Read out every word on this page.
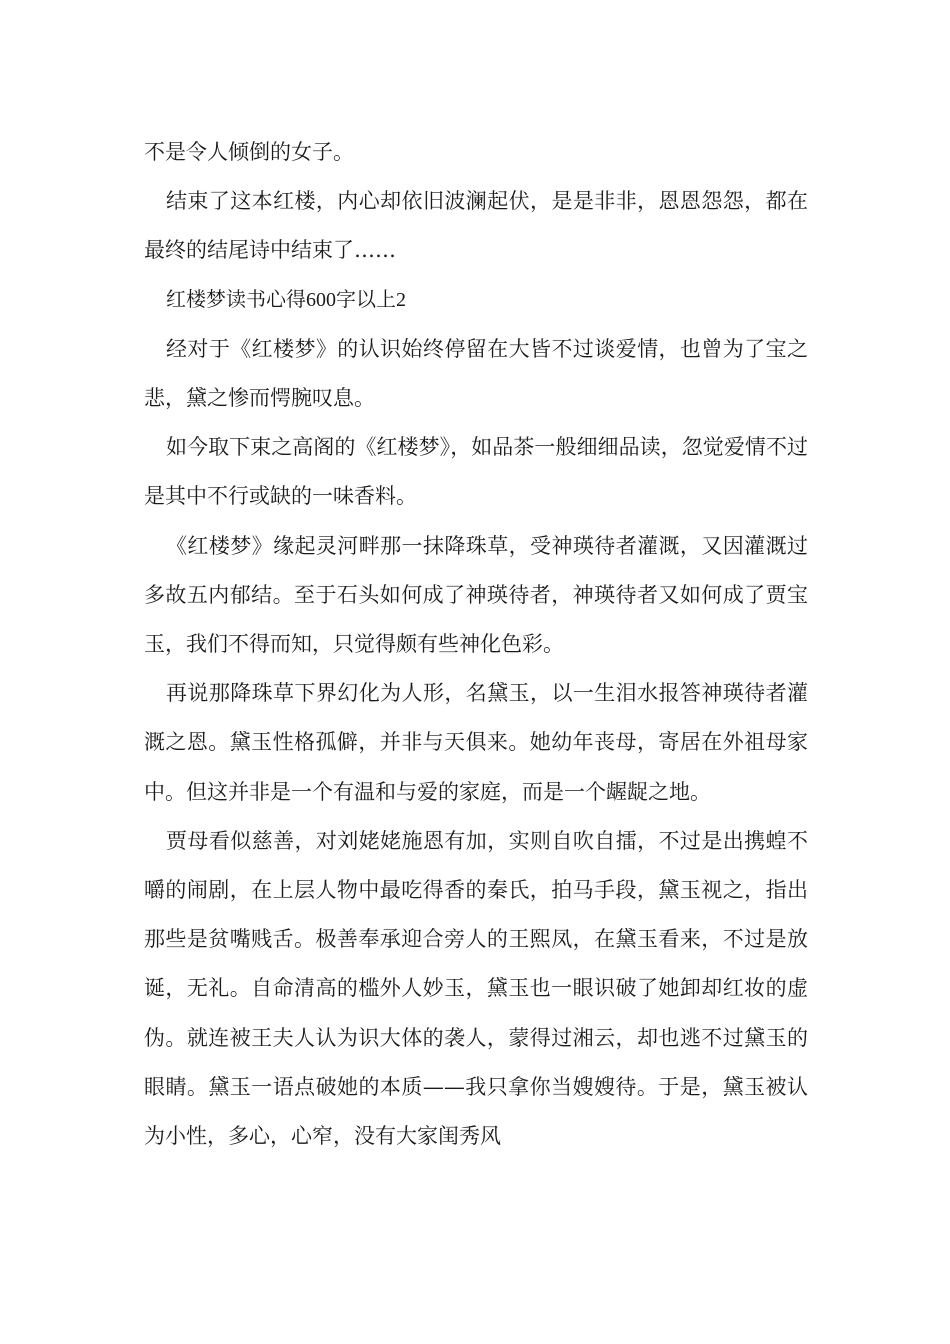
不是令人倾倒的女子。

结束了这本红楼，内心却依旧波澜起伏，是是非非，恩恩怨怨，都在最终的结尾诗中结束了……

红楼梦读书心得600字以上2

经对于《红楼梦》的认识始终停留在大皆不过谈爱情，也曾为了宝之悲，黛之惨而愕腕叹息。

如今取下束之高阁的《红楼梦》，如品茶一般细细品读，忽觉爱情不过是其中不行或缺的一味香料。

《红楼梦》缘起灵河畔那一抹降珠草，受神瑛待者灌溉，又因灌溉过多故五内郁结。至于石头如何成了神瑛待者，神瑛待者又如何成了贾宝玉，我们不得而知，只觉得颇有些神化色彩。

再说那降珠草下界幻化为人形，名黛玉，以一生泪水报答神瑛待者灌溉之恩。黛玉性格孤僻，并非与天俱来。她幼年丧母，寄居在外祖母家中。但这并非是一个有温和与爱的家庭，而是一个龌龊之地。

贾母看似慈善，对刘姥姥施恩有加，实则自吹自擂，不过是出携蝗不嚼的闹剧，在上层人物中最吃得香的秦氏，拍马手段，黛玉视之，指出那些是贫嘴贱舌。极善奉承迎合旁人的王熙凤，在黛玉看来，不过是放诞，无礼。自命清高的槛外人妙玉，黛玉也一眼识破了她卸却红妆的虚伪。就连被王夫人认为识大体的袭人，蒙得过湘云，却也逃不过黛玉的眼睛。黛玉一语点破她的本质——我只拿你当嫂嫂待。于是，黛玉被认为小性，多心，心窄，没有大家闺秀风
